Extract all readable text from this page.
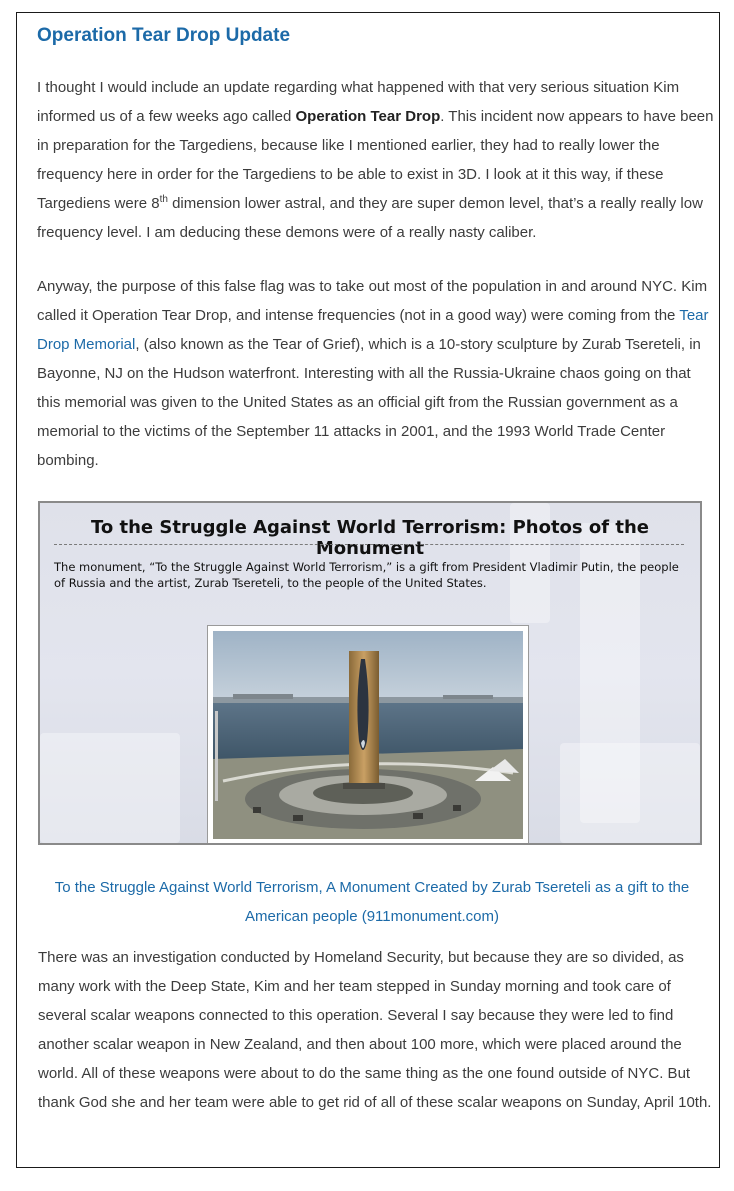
Operation Tear Drop Update

I thought I would include an update regarding what happened with that very serious situation Kim informed us of a few weeks ago called Operation Tear Drop. This incident now appears to have been in preparation for the Targediens, because like I mentioned earlier, they had to really lower the frequency here in order for the Targediens to be able to exist in 3D. I look at it this way, if these Targediens were 8th dimension lower astral, and they are super demon level, that’s a really really low frequency level. I am deducing these demons were of a really nasty caliber.

Anyway, the purpose of this false flag was to take out most of the population in and around NYC. Kim called it Operation Tear Drop, and intense frequencies (not in a good way) were coming from the Tear Drop Memorial, (also known as the Tear of Grief), which is a 10-story sculpture by Zurab Tsereteli, in Bayonne, NJ on the Hudson waterfront. Interesting with all the Russia-Ukraine chaos going on that this memorial was given to the United States as an official gift from the Russian government as a memorial to the victims of the September 11 attacks in 2001, and the 1993 World Trade Center bombing.

To the Struggle Against World Terrorism: Photos of the Monument
The monument, “To the Struggle Against World Terrorism,” is a gift from President Vladimir Putin, the people of Russia and the artist, Zurab Tsereteli, to the people of the United States.
To the Struggle Against World Terrorism, A Monument Created by Zurab Tsereteli as a gift to the American people (911monument.com)

There was an investigation conducted by Homeland Security, but because they are so divided, as many work with the Deep State, Kim and her team stepped in Sunday morning and took care of several scalar weapons connected to this operation. Several I say because they were led to find another scalar weapon in New Zealand, and then about 100 more, which were placed around the world. All of these weapons were about to do the same thing as the one found outside of NYC. But thank God she and her team were able to get rid of all of these scalar weapons on Sunday, April 10th.
